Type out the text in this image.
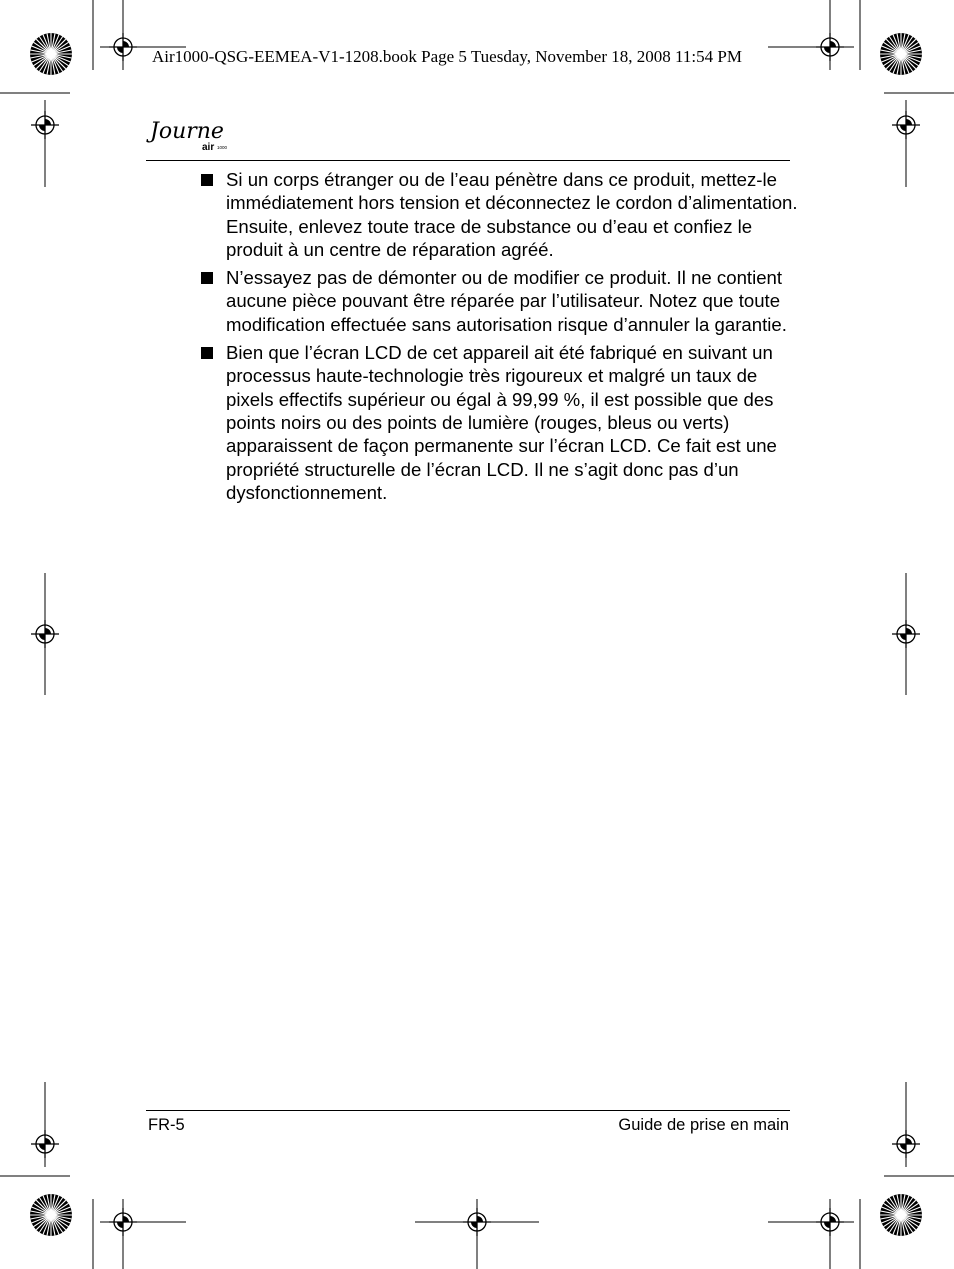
Air1000-QSG-EEMEA-V1-1208.book Page 5 Tuesday, November 18, 2008 11:54 PM
Journe
air 1000
Si un corps étranger ou de l’eau pénètre dans ce produit, mettez-le immédiatement hors tension et déconnectez le cordon d’alimentation. Ensuite, enlevez toute trace de substance ou d’eau et confiez le produit à un centre de réparation agréé.
N’essayez pas de démonter ou de modifier ce produit. Il ne contient aucune pièce pouvant être réparée par l’utilisateur. Notez que toute modification effectuée sans autorisation risque d’annuler la garantie.
Bien que l’écran LCD de cet appareil ait été fabriqué en suivant un processus haute-technologie très rigoureux et malgré un taux de pixels effectifs supérieur ou égal à 99,99 %, il est possible que des points noirs ou des points de lumière (rouges, bleus ou verts) apparaissent de façon permanente sur l’écran LCD. Ce fait est une propriété structurelle de l’écran LCD. Il ne s’agit donc pas d’un dysfonctionnement.
FR-5	Guide de prise en main
